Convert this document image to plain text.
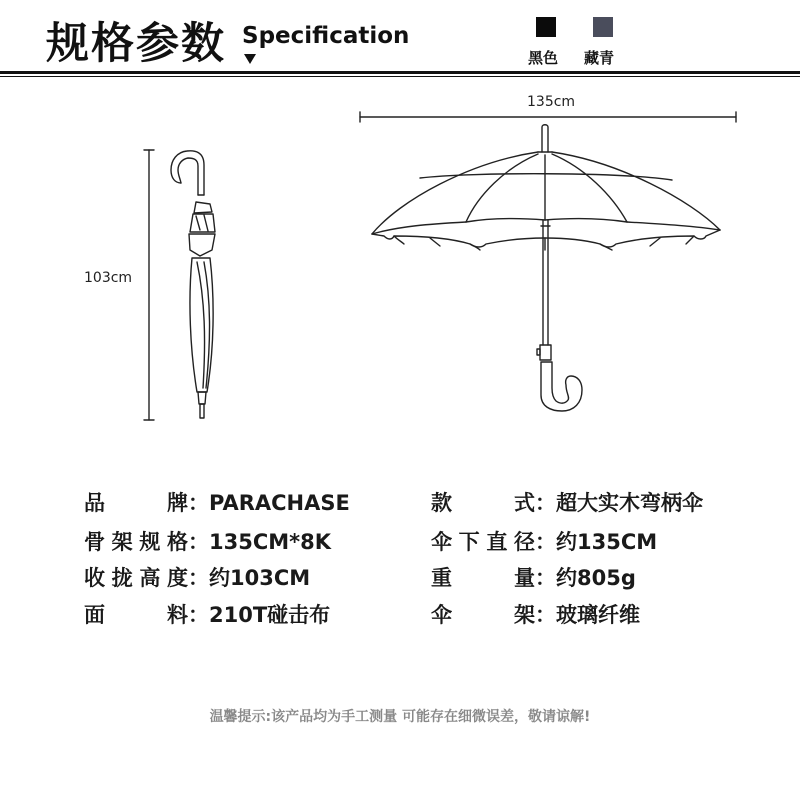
规格参数 Specification
黑色 藏青
135cm
103cm
品牌：PARACHASE
骨架规格：135CM*8K
收拢高度：约103CM
面料：210T碰击布
款式：超大实木弯柄伞
伞下直径：约135CM
重量：约805g
伞架：玻璃纤维
温馨提示:该产品均为手工测量 可能存在细微误差，敬请谅解!
